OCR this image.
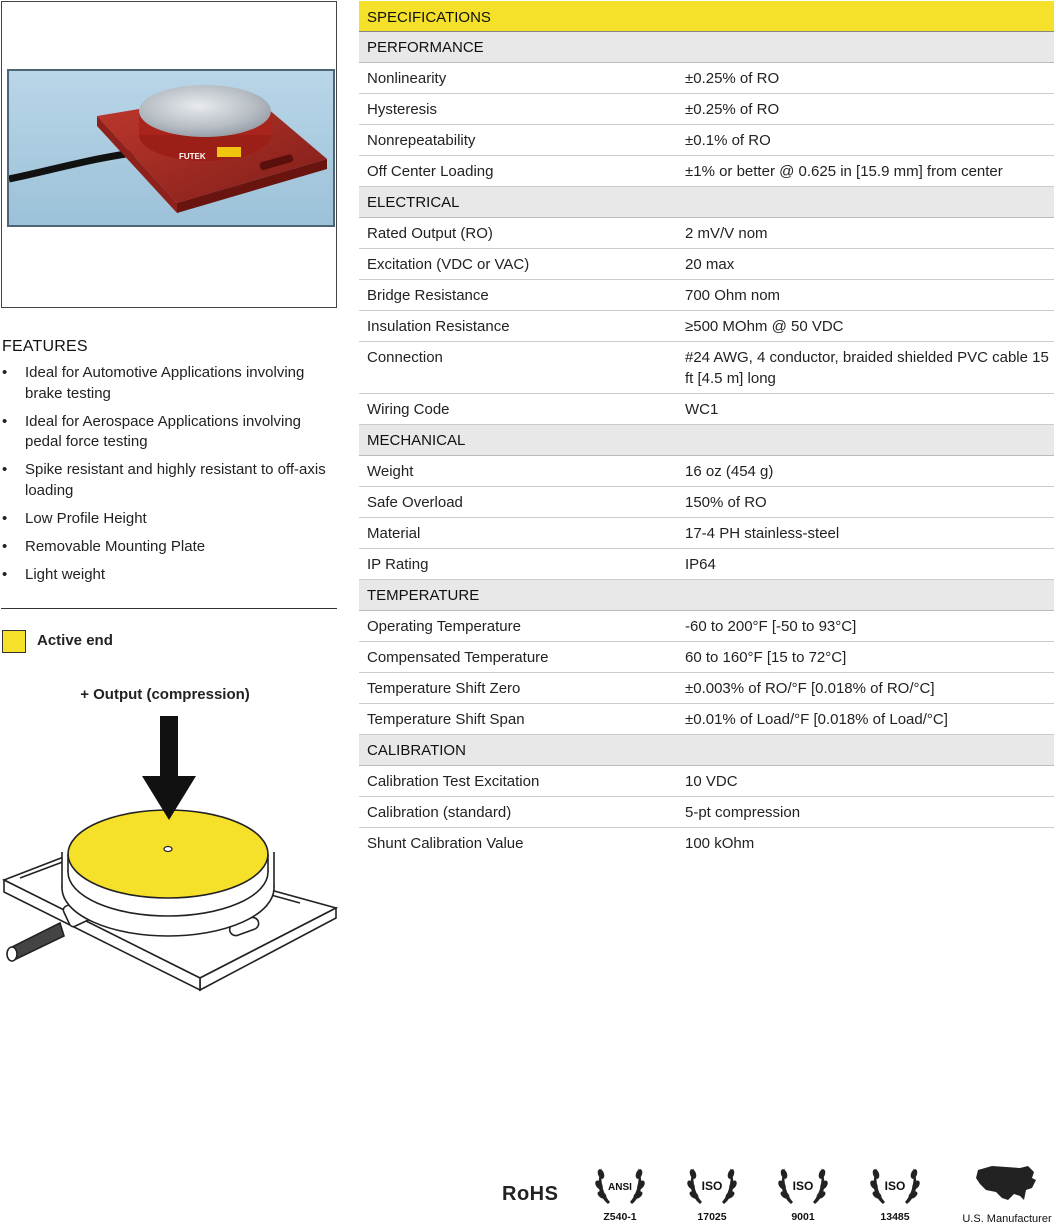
FUTEK
FEATURES
• Ideal for Automotive Applications involving brake testing
• Ideal for Aerospace Applications involving pedal force testing
• Spike resistant and highly resistant to off-axis loading
• Low Profile Height
• Removable Mounting Plate
• Light weight
Active end
+ Output (compression)
SPECIFICATIONS
PERFORMANCE
Nonlinearity	±0.25% of RO
Hysteresis	±0.25% of RO
Nonrepeatability	±0.1% of RO
Off Center Loading	±1% or better @ 0.625 in [15.9 mm] from center
ELECTRICAL
Rated Output (RO)	2 mV/V nom
Excitation (VDC or VAC)	20 max
Bridge Resistance	700 Ohm nom
Insulation Resistance	≥500 MOhm @ 50 VDC
Connection	#24 AWG, 4 conductor, braided shielded PVC cable 15 ft [4.5 m] long
Wiring Code	WC1
MECHANICAL
Weight	16 oz (454 g)
Safe Overload	150% of RO
Material	17-4 PH stainless-steel
IP Rating	IP64
TEMPERATURE
Operating Temperature	-60 to 200°F [-50 to 93°C]
Compensated Temperature	60 to 160°F [15 to 72°C]
Temperature Shift Zero	±0.003% of RO/°F [0.018% of RO/°C]
Temperature Shift Span	±0.01% of Load/°F [0.018% of Load/°C]
CALIBRATION
Calibration Test Excitation	10 VDC
Calibration (standard)	5-pt compression
Shunt Calibration Value	100 kOhm
RoHS	ANSI
Z540-1
ISO
17025
ISO
9001
ISO
13485	U.S. Manufacturer
